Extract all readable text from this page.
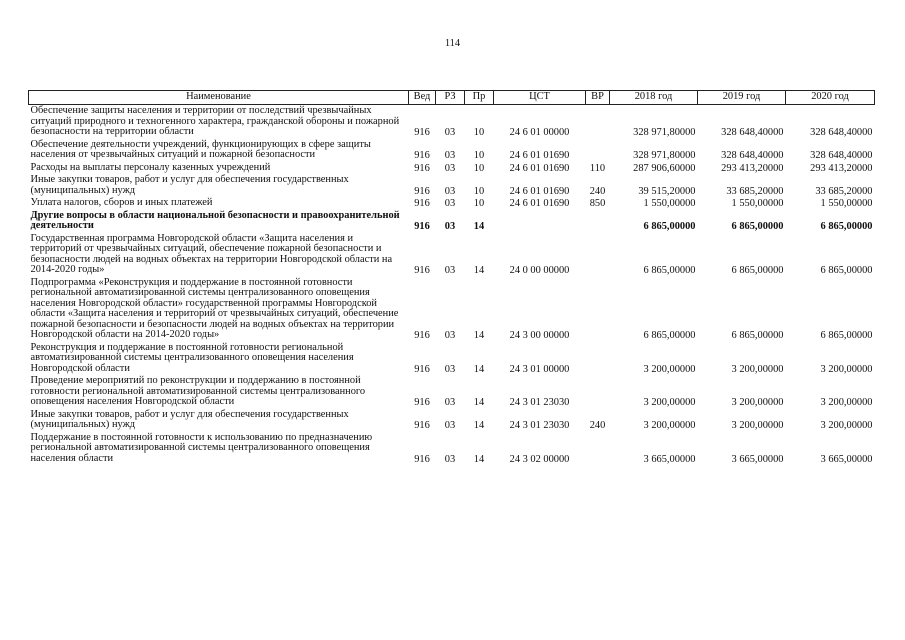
114
Наименование	Вед	РЗ	Пр	ЦСТ	ВР	2018 год	2019 год	2020 год
Обеспечение защиты населения и территории от последствий чрезвычайных ситуаций природного и техногенного характера, гражданской обороны и пожарной безопасности на территории области	916	03	10	24 6 01 00000		328 971,80000	328 648,40000	328 648,40000
Обеспечение деятельности учреждений, функционирующих в сфере защиты населения от чрезвычайных ситуаций и пожарной безопасности	916	03	10	24 6 01 01690		328 971,80000	328 648,40000	328 648,40000
Расходы на выплаты персоналу казенных учреждений	916	03	10	24 6 01 01690	110	287 906,60000	293 413,20000	293 413,20000
Иные закупки товаров, работ и услуг для обеспечения государственных (муниципальных) нужд	916	03	10	24 6 01 01690	240	39 515,20000	33 685,20000	33 685,20000
Уплата налогов, сборов и иных платежей	916	03	10	24 6 01 01690	850	1 550,00000	1 550,00000	1 550,00000
Другие вопросы в области национальной безопасности и правоохранительной деятельности	916	03	14			6 865,00000	6 865,00000	6 865,00000
Государственная программа Новгородской области «Защита населения и территорий от чрезвычайных ситуаций, обеспечение пожарной безопасности и безопасности людей на водных объектах на территории Новгородской области на 2014-2020 годы»	916	03	14	24 0 00 00000		6 865,00000	6 865,00000	6 865,00000
Подпрограмма «Реконструкция и поддержание в постоянной готовности региональной автоматизированной системы централизованного оповещения населения Новгородской области» государственной программы Новгородской области «Защита населения и территорий от чрезвычайных ситуаций, обеспечение пожарной безопасности и безопасности людей на водных объектах на территории Новгородской области на 2014-2020 годы»	916	03	14	24 3 00 00000		6 865,00000	6 865,00000	6 865,00000
Реконструкция и поддержание в постоянной готовности региональной автоматизированной системы централизованного оповещения населения Новгородской области	916	03	14	24 3 01 00000		3 200,00000	3 200,00000	3 200,00000
Проведение мероприятий по реконструкции и поддержанию в постоянной готовности региональной автоматизированной системы централизованного оповещения населения Новгородской области	916	03	14	24 3 01 23030		3 200,00000	3 200,00000	3 200,00000
Иные закупки товаров, работ и услуг для обеспечения государственных (муниципальных) нужд	916	03	14	24 3 01 23030	240	3 200,00000	3 200,00000	3 200,00000
Поддержание в постоянной готовности к использованию по предназначению региональной автоматизированной системы централизованного оповещения населения области	916	03	14	24 3 02 00000		3 665,00000	3 665,00000	3 665,00000
